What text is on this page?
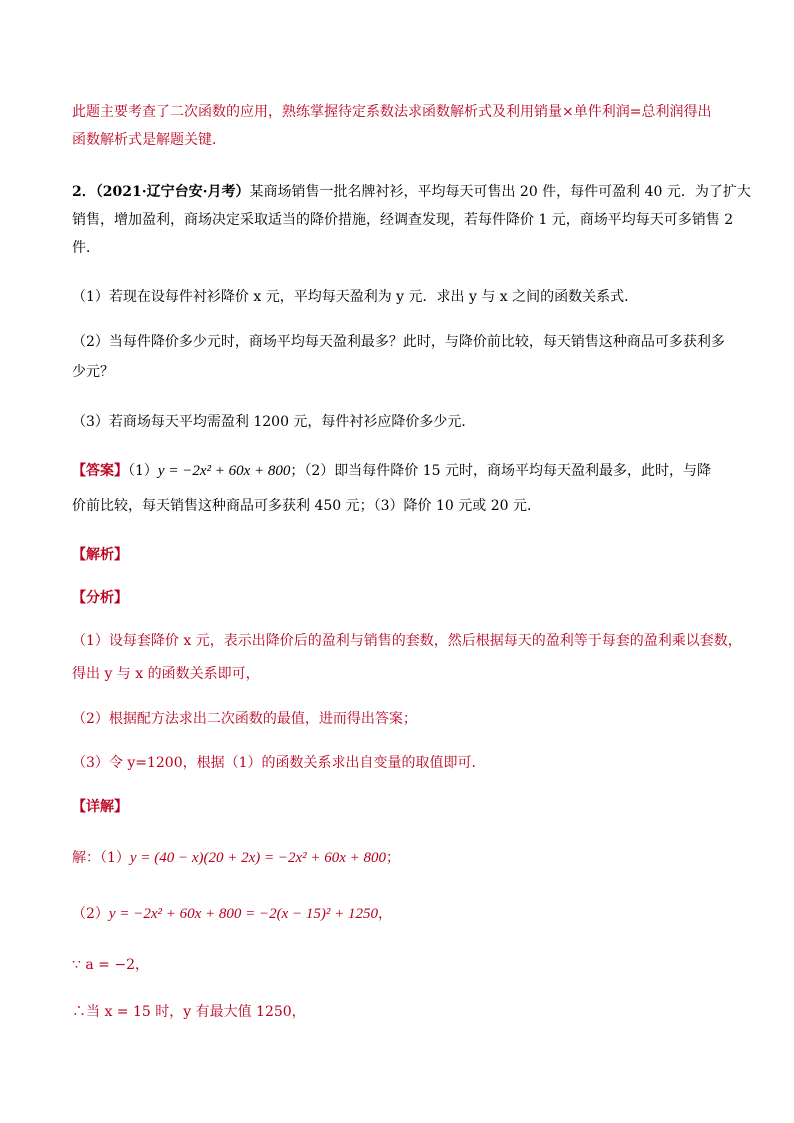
此题主要考查了二次函数的应用，熟练掌握待定系数法求函数解析式及利用销量×单件利润=总利润得出
函数解析式是解题关键．
2．（2021·辽宁台安·月考）某商场销售一批名牌衬衫，平均每天可售出 20 件，每件可盈利 40 元．为了扩大
销售，增加盈利，商场决定采取适当的降价措施，经调查发现，若每件降价 1 元，商场平均每天可多销售 2
件．
（1）若现在设每件衬衫降价 x 元，平均每天盈利为 y 元．求出 y 与 x 之间的函数关系式．
（2）当每件降价多少元时，商场平均每天盈利最多？此时，与降价前比较，每天销售这种商品可多获利多
少元？
（3）若商场每天平均需盈利 1200 元，每件衬衫应降价多少元．
【答案】（1）y = −2x² + 60x + 800；（2）即当每件降价 15 元时，商场平均每天盈利最多，此时，与降
价前比较，每天销售这种商品可多获利 450 元；（3）降价 10 元或 20 元．
【解析】
【分析】
（1）设每套降价 x 元，表示出降价后的盈利与销售的套数，然后根据每天的盈利等于每套的盈利乘以套数，
得出 y 与 x 的函数关系即可，
（2）根据配方法求出二次函数的最值，进而得出答案；
（3）令 y=1200，根据（1）的函数关系求出自变量的取值即可．
【详解】
解：（1）y = (40 − x)(20 + 2x) = −2x² + 60x + 800；
（2）y = −2x² + 60x + 800 = −2(x − 15)² + 1250，
∵ a = −2，
∴当 x = 15 时，y 有最大值 1250，
